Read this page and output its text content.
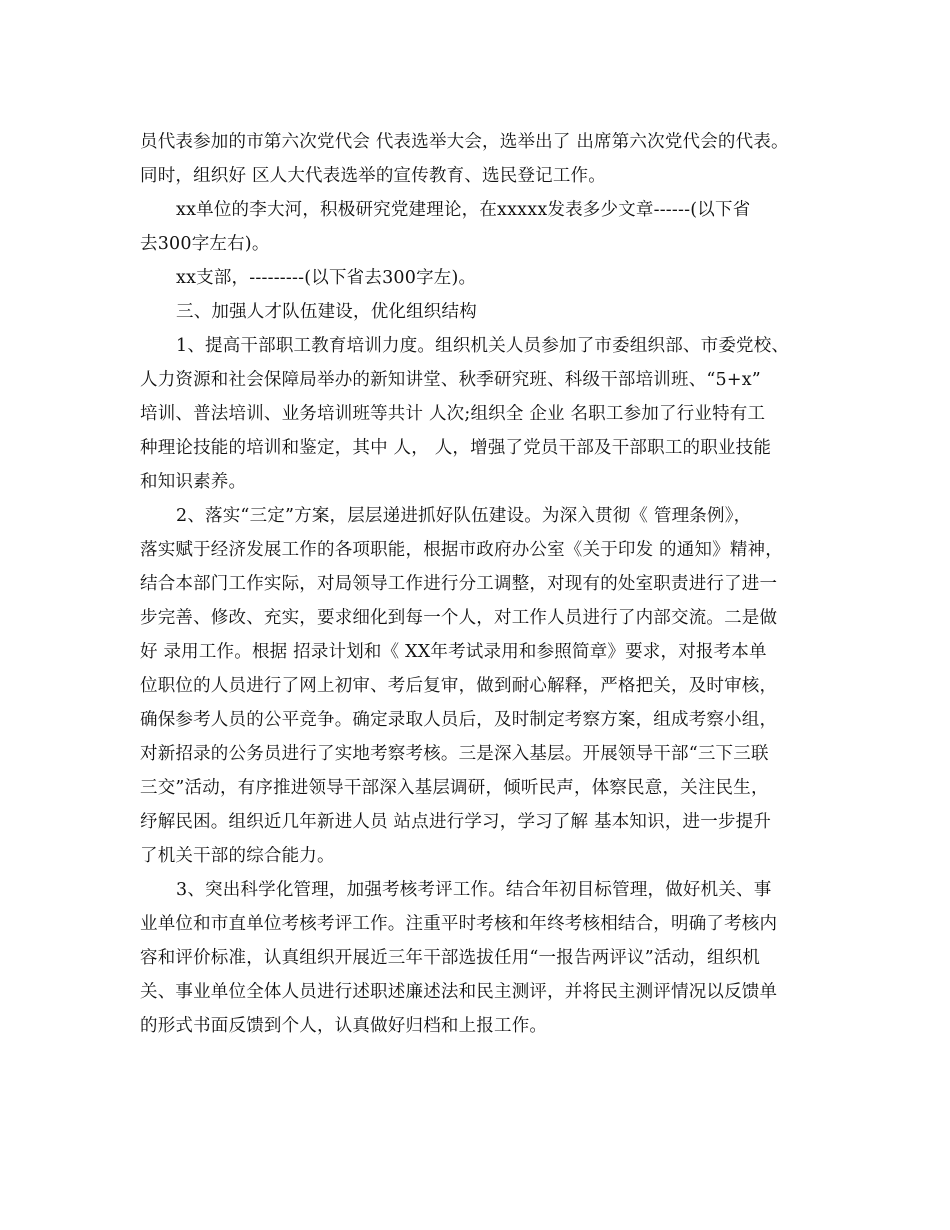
员代表参加的市第六次党代会 代表选举大会，选举出了 出席第六次党代会的代表。
同时，组织好 区人大代表选举的宣传教育、选民登记工作。
xx单位的李大河，积极研究党建理论，在xxxxx发表多少文章------(以下省
去300字左右)。
xx支部，---------(以下省去300字左)。
三、加强人才队伍建设，优化组织结构
1、提高干部职工教育培训力度。组织机关人员参加了市委组织部、市委党校、
人力资源和社会保障局举办的新知讲堂、秋季研究班、科级干部培训班、“5+x”
培训、普法培训、业务培训班等共计 人次;组织全 企业 名职工参加了行业特有工
种理论技能的培训和鉴定，其中 人， 人，增强了党员干部及干部职工的职业技能
和知识素养。
2、落实“三定”方案，层层递进抓好队伍建设。为深入贯彻《 管理条例》，
落实赋于经济发展工作的各项职能，根据市政府办公室《关于印发 的通知》精神，
结合本部门工作实际，对局领导工作进行分工调整，对现有的处室职责进行了进一
步完善、修改、充实，要求细化到每一个人，对工作人员进行了内部交流。二是做
好 录用工作。根据 招录计划和《 XX年考试录用和参照简章》要求，对报考本单
位职位的人员进行了网上初审、考后复审，做到耐心解释，严格把关，及时审核，
确保参考人员的公平竞争。确定录取人员后，及时制定考察方案，组成考察小组，
对新招录的公务员进行了实地考察考核。三是深入基层。开展领导干部“三下三联
三交”活动，有序推进领导干部深入基层调研，倾听民声，体察民意，关注民生，
纾解民困。组织近几年新进人员 站点进行学习，学习了解 基本知识，进一步提升
了机关干部的综合能力。
3、突出科学化管理，加强考核考评工作。结合年初目标管理，做好机关、事
业单位和市直单位考核考评工作。注重平时考核和年终考核相结合，明确了考核内
容和评价标准，认真组织开展近三年干部选拔任用“一报告两评议”活动，组织机
关、事业单位全体人员进行述职述廉述法和民主测评，并将民主测评情况以反馈单
的形式书面反馈到个人，认真做好归档和上报工作。
